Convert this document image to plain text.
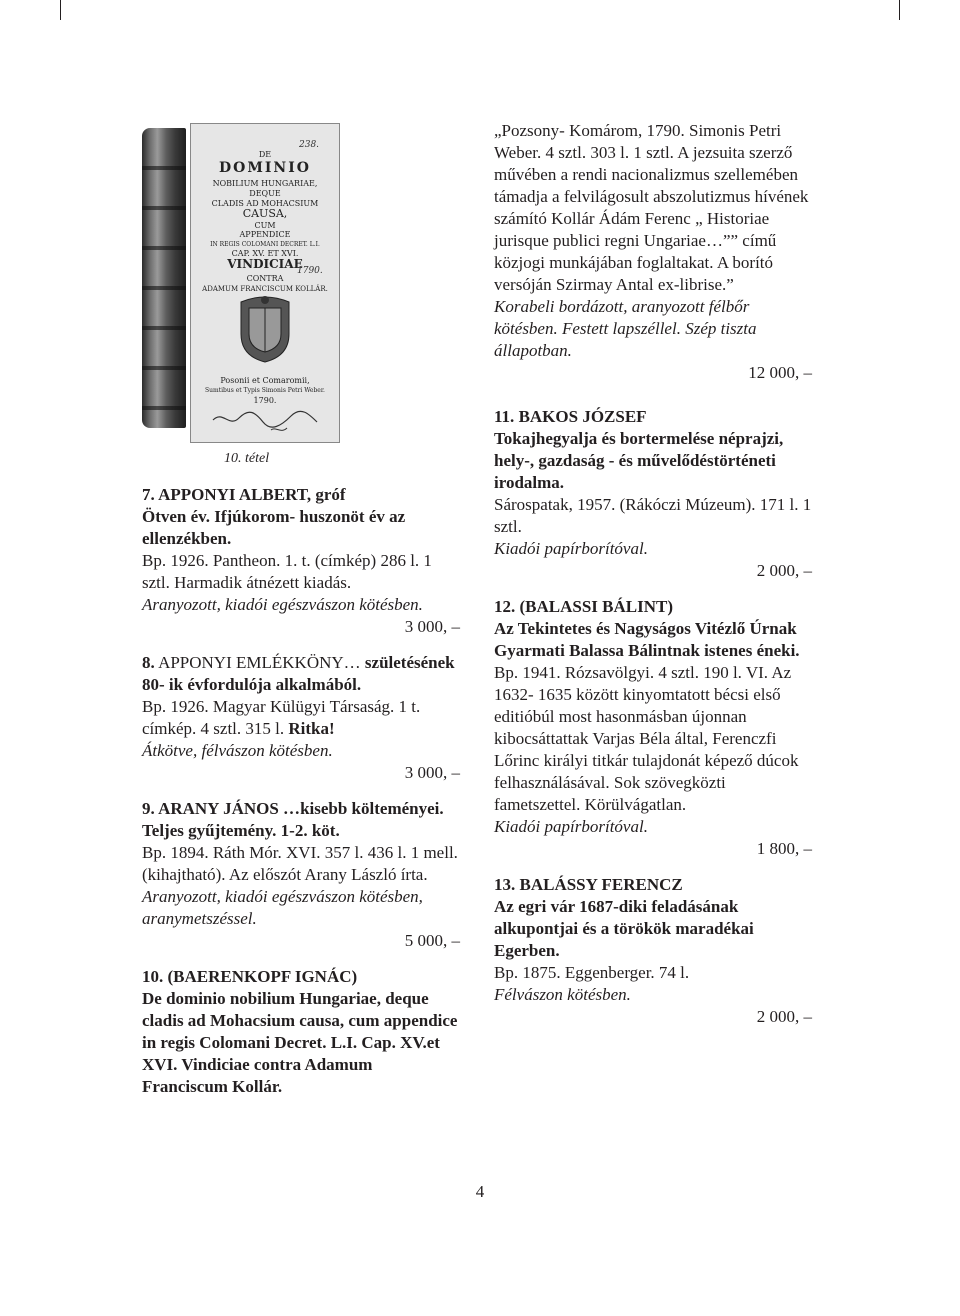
238.
DE
DOMINIO
NOBILIUM HUNGARIAE,
DEQUE
CLADIS AD MOHACSIUM
CAUSA,
CUM
APPENDICE
IN REGIS COLOMANI DECRET. L.I.
CAP. XV. ET XVI.
VINDICIAE
1790.
CONTRA
ADAMUM FRANCISCUM KOLLÁR.
Posonii et Comaromii,
Sumtibus et Typis Simonis Petri Weber.
1790.
10. tétel

7. APPONYI ALBERT, gróf

Ötven év. Ifjúkorom- huszonöt év az ellenzékben.

Bp. 1926. Pantheon. 1. t. (címkép) 286 l. 1 sztl. Harmadik átnézett kiadás.

Aranyozott, kiadói egészvászon kötésben.

3 000, –

8. APPONYI EMLÉKKÖNY… születésének 80- ik évfordulója alkalmából.

Bp. 1926. Magyar Külügyi Társaság. 1 t. címkép. 4 sztl. 315 l. Ritka!

Átkötve, félvászon kötésben.

3 000, –

9. ARANY JÁNOS …kisebb költeményei. Teljes gyűjtemény. 1-2. köt.

Bp. 1894. Ráth Mór. XVI. 357 l. 436 l. 1 mell. (kihajtható). Az előszót Arany László írta.

Aranyozott, kiadói egészvászon kötésben, aranymetszéssel.

5 000, –

10. (BAERENKOPF IGNÁC)

De dominio nobilium Hungariae, deque cladis ad Mohacsium causa, cum appendice in regis Colomani Decret. L.I. Cap. XV.et XVI. Vindiciae contra Adamum Franciscum Kollár.

„Pozsony- Komárom, 1790. Simonis Petri Weber. 4 sztl. 303 l. 1 sztl. A jezsuita szerző művében a rendi nacionalizmus szellemében támadja a felvilágosult abszolutizmus hívének számító Kollár Ádám Ferenc „ Historiae jurisque publici regni Ungariae…”” című közjogi munkájában foglaltakat. A borító versóján Szirmay Antal ex-librise.”

Korabeli bordázott, aranyozott félbőr kötésben. Festett lapszéllel. Szép tiszta állapotban.

12 000, –

11. BAKOS JÓZSEF

Tokajhegyalja és bortermelése néprajzi, hely-, gazdaság - és művelődéstörténeti irodalma.

Sárospatak, 1957. (Rákóczi Múzeum). 171 l. 1 sztl.

Kiadói papírborítóval.

2 000, –

12. (BALASSI BÁLINT)

Az Tekintetes és Nagyságos Vitézlő Úrnak Gyarmati Balassa Bálintnak istenes éneki.

Bp. 1941. Rózsavölgyi. 4 sztl. 190 l. VI. Az 1632- 1635 között kinyomtatott bécsi első editióbúl most hasonmásban újonnan kibocsáttattak Varjas Béla által, Ferenczfi Lőrinc királyi titkár tulajdonát képező dúcok felhasználásával. Sok szövegközti fametszettel. Körülvágatlan.

Kiadói papírborítóval.

1 800, –

13. BALÁSSY FERENCZ

Az egri vár 1687-diki feladásának alkupontjai és a törökök maradékai Egerben.

Bp. 1875. Eggenberger. 74 l.

Félvászon kötésben.

2 000, –

4
